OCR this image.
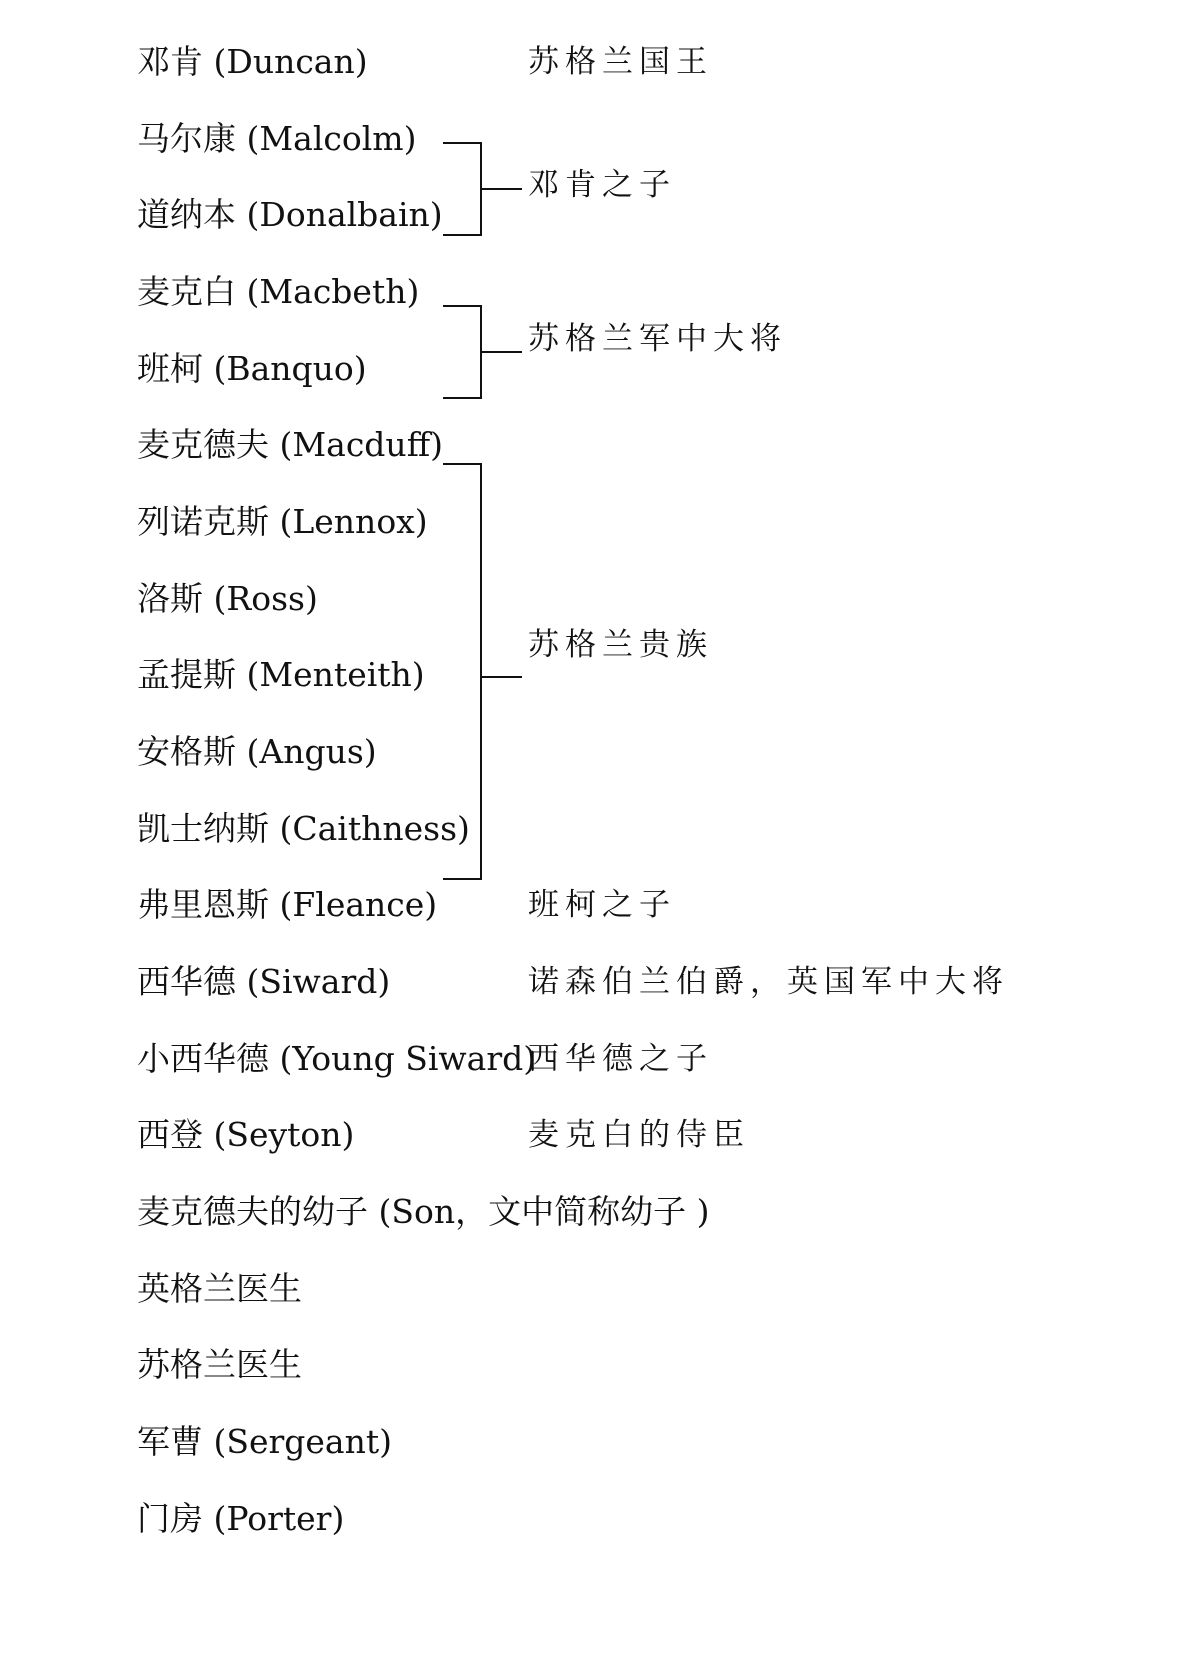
邓肯 (Duncan)
马尔康 (Malcolm)
道纳本 (Donalbain)
麦克白 (Macbeth)
班柯 (Banquo)
麦克德夫 (Macduff)
列诺克斯 (Lennox)
洛斯 (Ross)
孟提斯 (Menteith)
安格斯 (Angus)
凯士纳斯 (Caithness)
弗里恩斯 (Fleance)
西华德 (Siward)
小西华德 (Young Siward)
西登 (Seyton)
麦克德夫的幼子 (Son，文中简称幼子 )
英格兰医生
苏格兰医生
军曹 (Sergeant)
门房 (Porter)
苏格兰国王
班柯之子
诺森伯兰伯爵，英国军中大将
西华德之子
麦克白的侍臣
邓肯之子
苏格兰军中大将
苏格兰贵族
